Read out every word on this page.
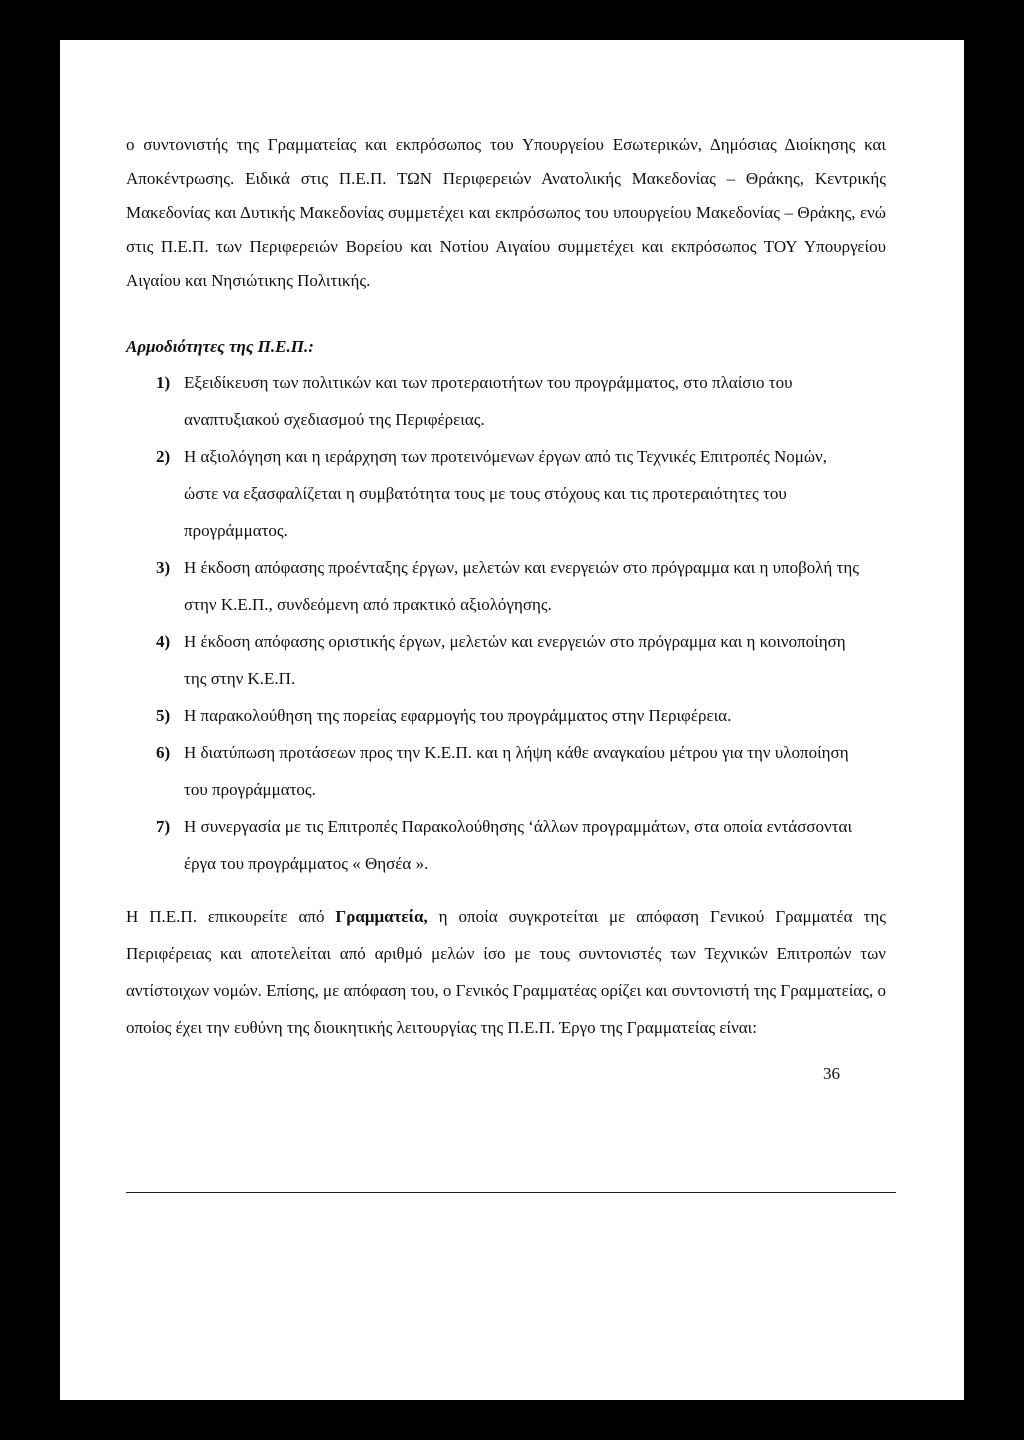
ο συντονιστής της Γραμματείας και εκπρόσωπος του Υπουργείου Εσωτερικών, Δημόσιας Διοίκησης και Αποκέντρωσης. Ειδικά στις Π.Ε.Π. ΤΩΝ Περιφερειών Ανατολικής Μακεδονίας – Θράκης, Κεντρικής Μακεδονίας και Δυτικής Μακεδονίας συμμετέχει και εκπρόσωπος του υπουργείου Μακεδονίας – Θράκης, ενώ στις Π.Ε.Π. των Περιφερειών Βορείου και Νοτίου Αιγαίου συμμετέχει και εκπρόσωπος ΤΟΥ Υπουργείου Αιγαίου και Νησιώτικης Πολιτικής.

Αρμοδιότητες της Π.Ε.Π.:
1) Εξειδίκευση των πολιτικών και των προτεραιοτήτων του προγράμματος, στο πλαίσιο του αναπτυξιακού σχεδιασμού της Περιφέρειας.
2) Η αξιολόγηση και η ιεράρχηση των προτεινόμενων έργων από τις Τεχνικές Επιτροπές Νομών, ώστε να εξασφαλίζεται η συμβατότητα τους με τους στόχους και τις προτεραιότητες του προγράμματος.
3) Η έκδοση απόφασης προένταξης έργων, μελετών και ενεργειών στο πρόγραμμα και η υποβολή της στην Κ.Ε.Π., συνδεόμενη από πρακτικό αξιολόγησης.
4) Η έκδοση απόφασης οριστικής έργων, μελετών και ενεργειών στο πρόγραμμα και η κοινοποίηση της στην Κ.Ε.Π.
5) Η παρακολούθηση της πορείας εφαρμογής του προγράμματος στην Περιφέρεια.
6) Η διατύπωση προτάσεων προς την Κ.Ε.Π. και η λήψη κάθε αναγκαίου μέτρου για την υλοποίηση του προγράμματος.
7) Η συνεργασία με τις Επιτροπές Παρακολούθησης ‘άλλων προγραμμάτων, στα οποία εντάσσονται έργα του προγράμματος « Θησέα ».

Η Π.Ε.Π. επικουρείτε από Γραμματεία, η οποία συγκροτείται με απόφαση Γενικού Γραμματέα της Περιφέρειας και αποτελείται από αριθμό μελών ίσο με τους συντονιστές των Τεχνικών Επιτροπών των αντίστοιχων νομών. Επίσης, με απόφαση του, ο Γενικός Γραμματέας ορίζει και συντονιστή της Γραμματείας, ο οποίος έχει την ευθύνη της διοικητικής λειτουργίας της Π.Ε.Π. Έργο της Γραμματείας είναι:

36
